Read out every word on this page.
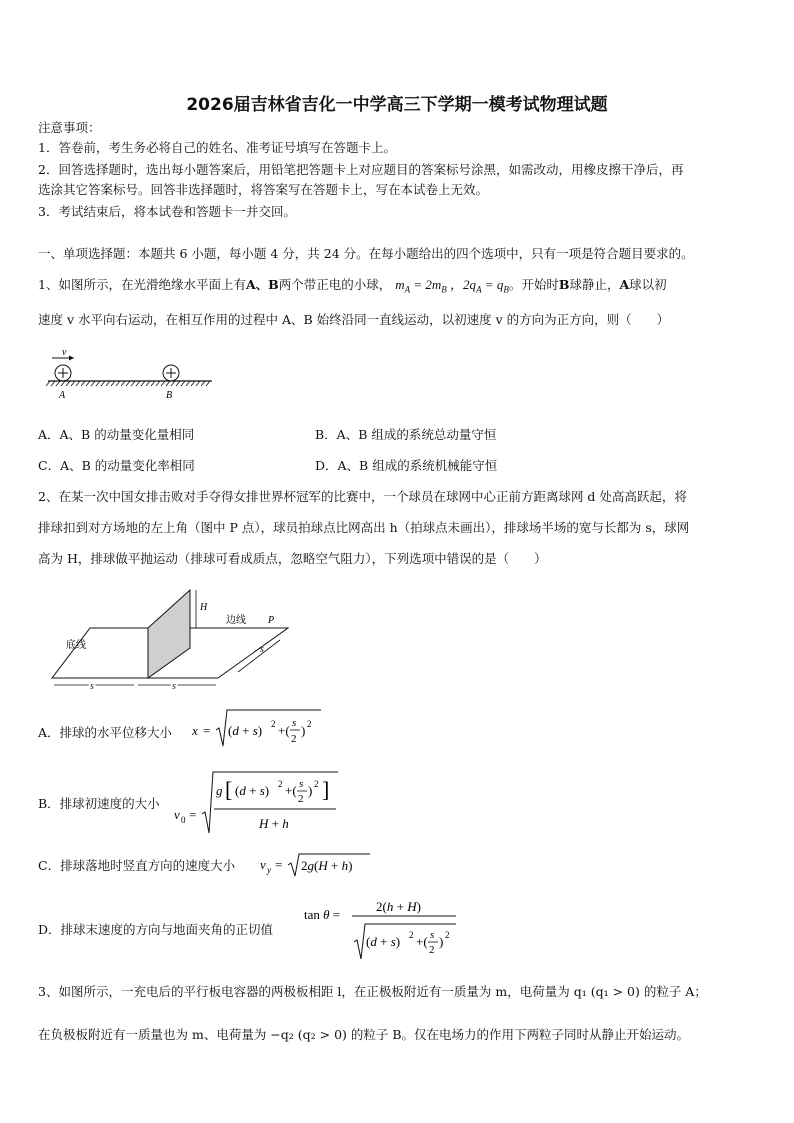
2026届吉林省吉化一中学高三下学期一模考试物理试题
注意事项：
1．答卷前，考生务必将自己的姓名、准考证号填写在答题卡上。
2．回答选择题时，选出每小题答案后，用铅笔把答题卡上对应题目的答案标号涂黑，如需改动，用橡皮擦干净后，再
选涂其它答案标号。回答非选择题时，将答案写在答题卡上，写在本试卷上无效。
3．考试结束后，将本试卷和答题卡一并交回。
一、单项选择题：本题共 6 小题，每小题 4 分，共 24 分。在每小题给出的四个选项中，只有一项是符合题目要求的。
1、如图所示，在光滑绝缘水平面上有A、B两个带正电的小球， $m_A = 2m_B$ ，$2q_A = q_B$。开始时B球静止，A球以初
速度 v 水平向右运动，在相互作用的过程中 A、B 始终沿同一直线运动，以初速度 v 的方向为正方向，则（　　）
v
A	B
A．A、B 的动量变化量相同	B．A、B 组成的系统总动量守恒
C．A、B 的动量变化率相同	D．A、B 组成的系统机械能守恒
2、在某一次中国女排击败对手夺得女排世界杯冠军的比赛中，一个球员在球网中心正前方距离球网 d 处高高跃起，将
排球扣到对方场地的左上角（图中 P 点），球员拍球点比网高出 h（拍球点未画出），排球场半场的宽与长都为 s，球网
高为 H，排球做平抛运动（排球可看成质点，忽略空气阻力），下列选项中错误的是（　　）
H
边线 P
底线	s
s	s
A．排球的水平位移大小 x = (d + s) 2 +( s
2
) 2
B．排球初速度的大小
v 0 =
g [ (d + s) 2 +( s
2
) 2 ]
H + h
C．排球落地时竖直方向的速度大小 v y = 2g(H + h)
D．排球末速度的方向与地面夹角的正切值
tan θ =
2(h + H)
(d + s) 2 +( s
2
) 2
3、如图所示，一充电后的平行板电容器的两极板相距 l，在正极板附近有一质量为 m，电荷量为 q₁ (q₁ > 0) 的粒子 A；
在负极板附近有一质量也为 m、电荷量为 −q₂ (q₂ > 0) 的粒子 B。仅在电场力的作用下两粒子同时从静止开始运动。
